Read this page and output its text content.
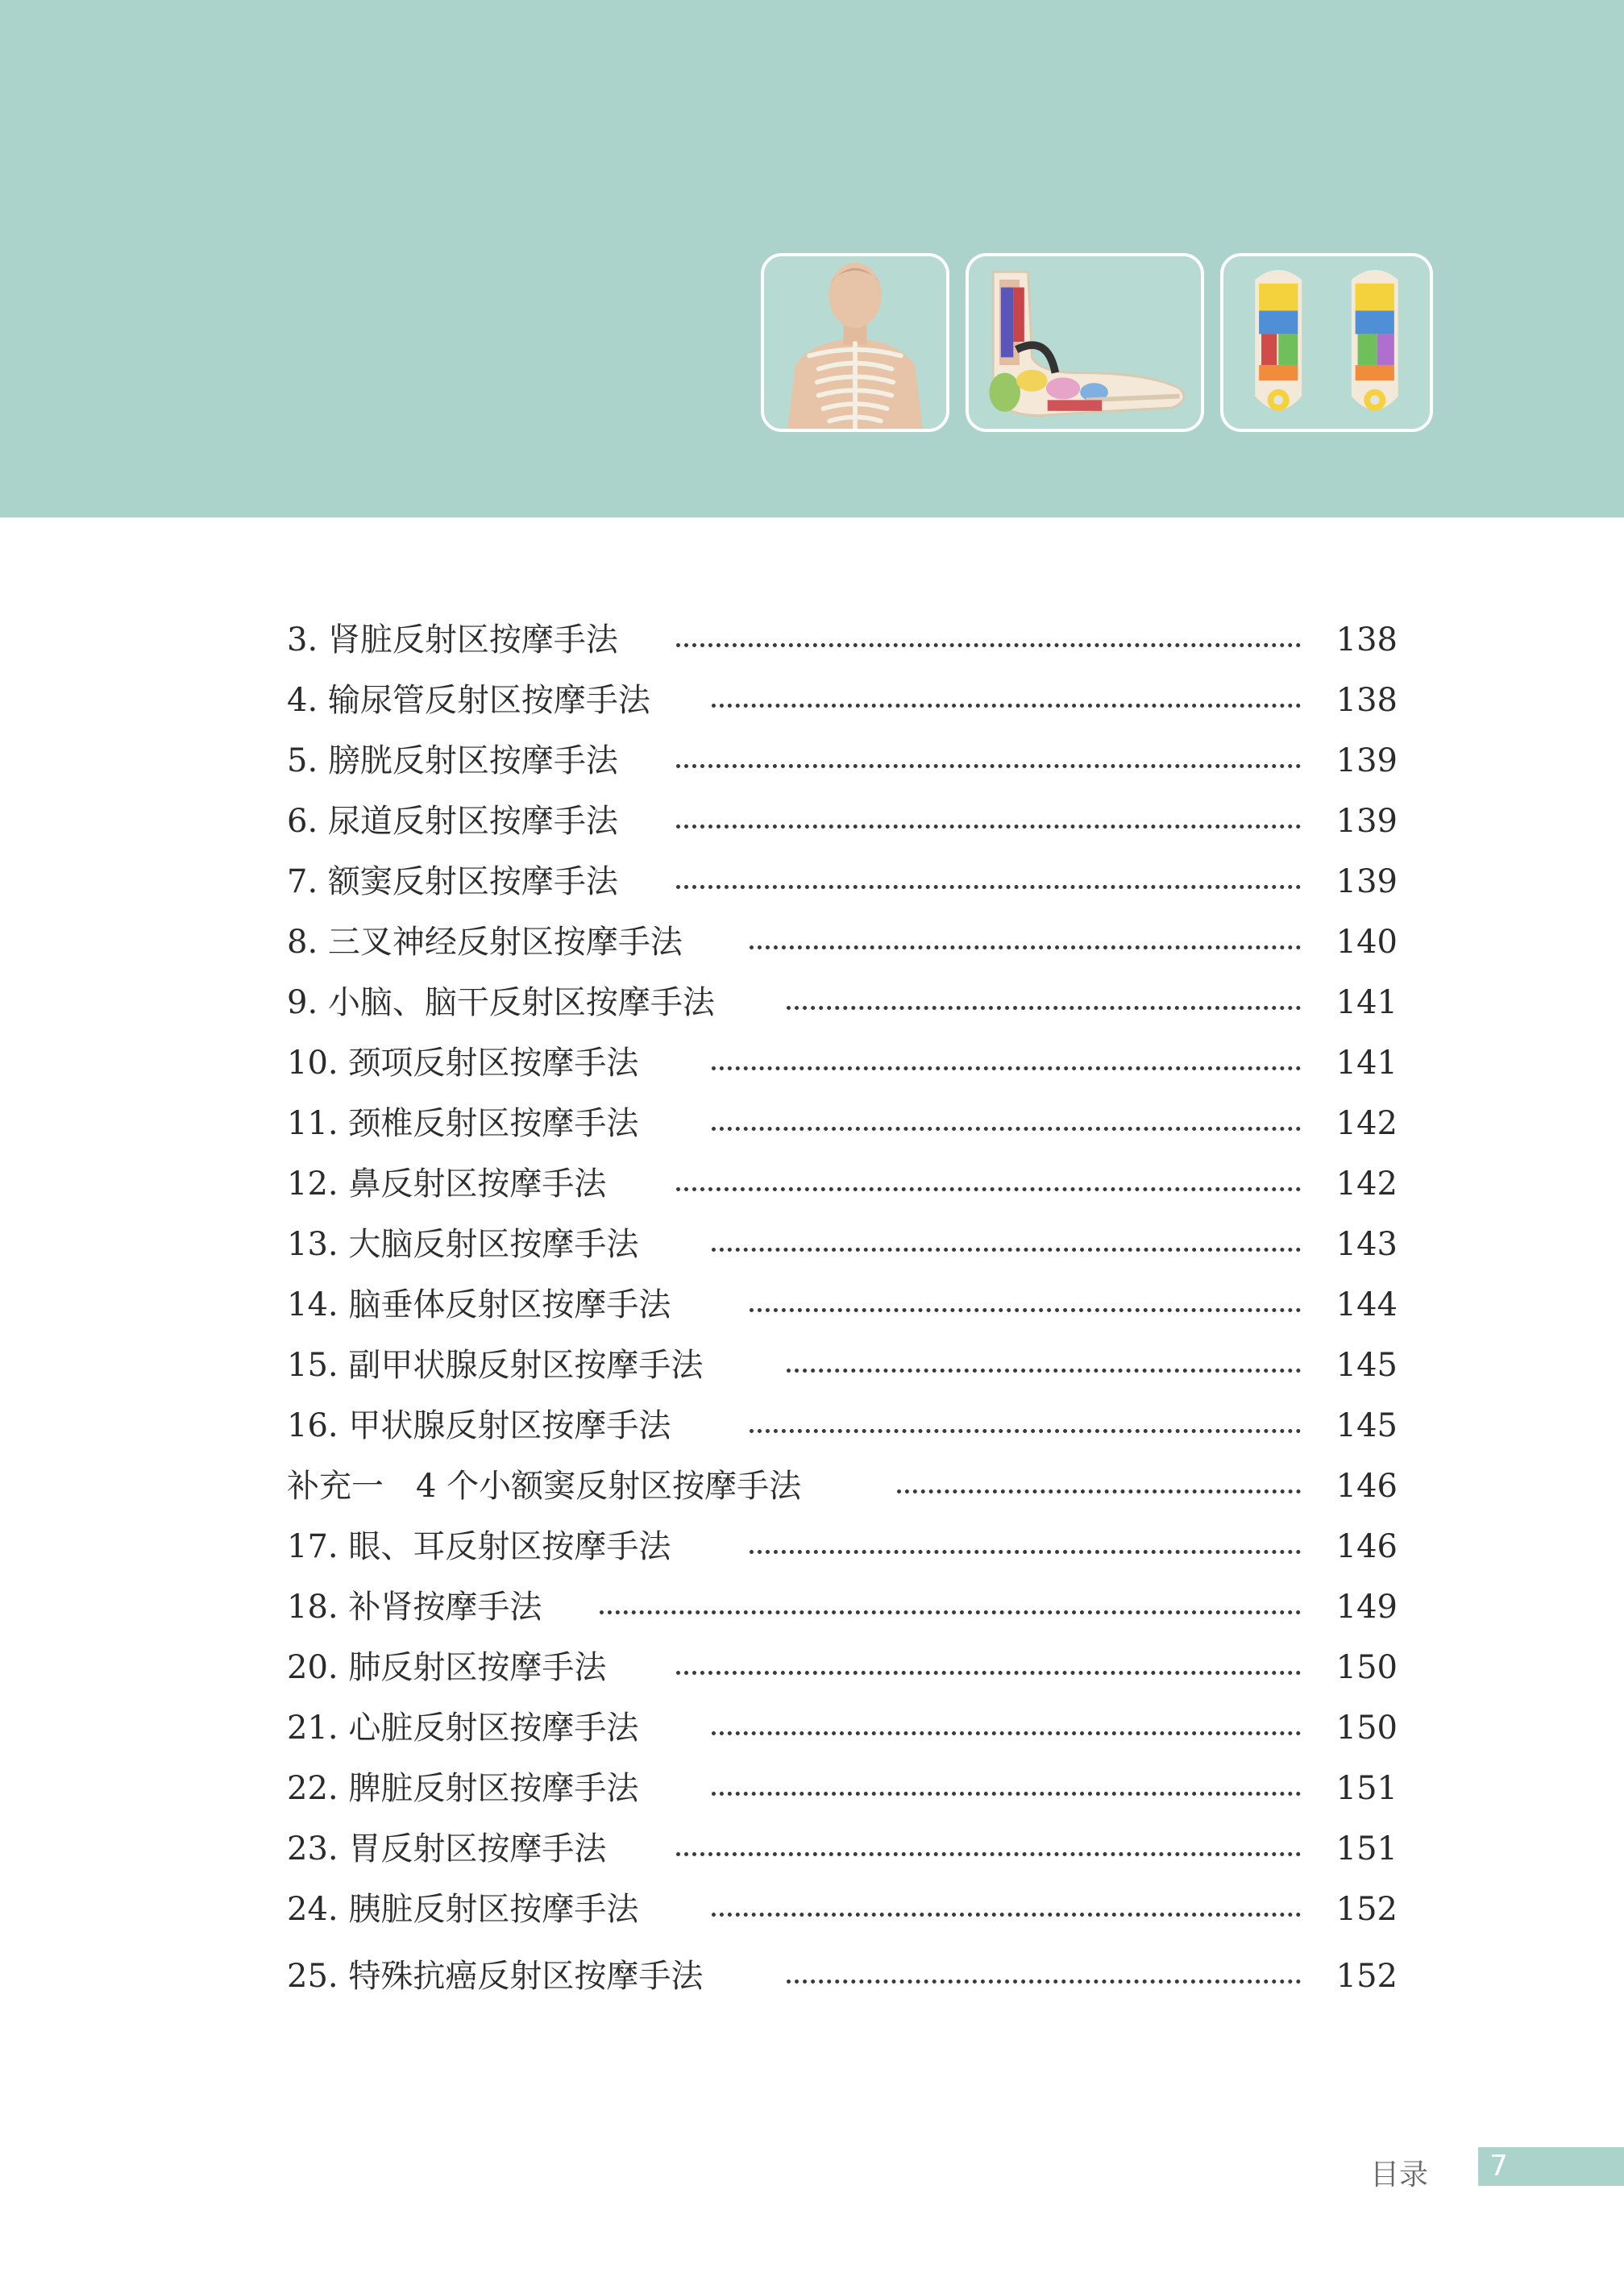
3. 肾脏反射区按摩手法	138
4. 输尿管反射区按摩手法	138
5. 膀胱反射区按摩手法	139
6. 尿道反射区按摩手法	139
7. 额窦反射区按摩手法	139
8. 三叉神经反射区按摩手法	140
9. 小脑、脑干反射区按摩手法	141
10. 颈项反射区按摩手法	141
11. 颈椎反射区按摩手法	142
12. 鼻反射区按摩手法	142
13. 大脑反射区按摩手法	143
14. 脑垂体反射区按摩手法	144
15. 副甲状腺反射区按摩手法	145
16. 甲状腺反射区按摩手法	145
补充一　4 个小额窦反射区按摩手法	146
17. 眼、耳反射区按摩手法	146
18. 补肾按摩手法	149
20. 肺反射区按摩手法	150
21. 心脏反射区按摩手法	150
22. 脾脏反射区按摩手法	151
23. 胃反射区按摩手法	151
24. 胰脏反射区按摩手法	152
25. 特殊抗癌反射区按摩手法	152
目录 7
